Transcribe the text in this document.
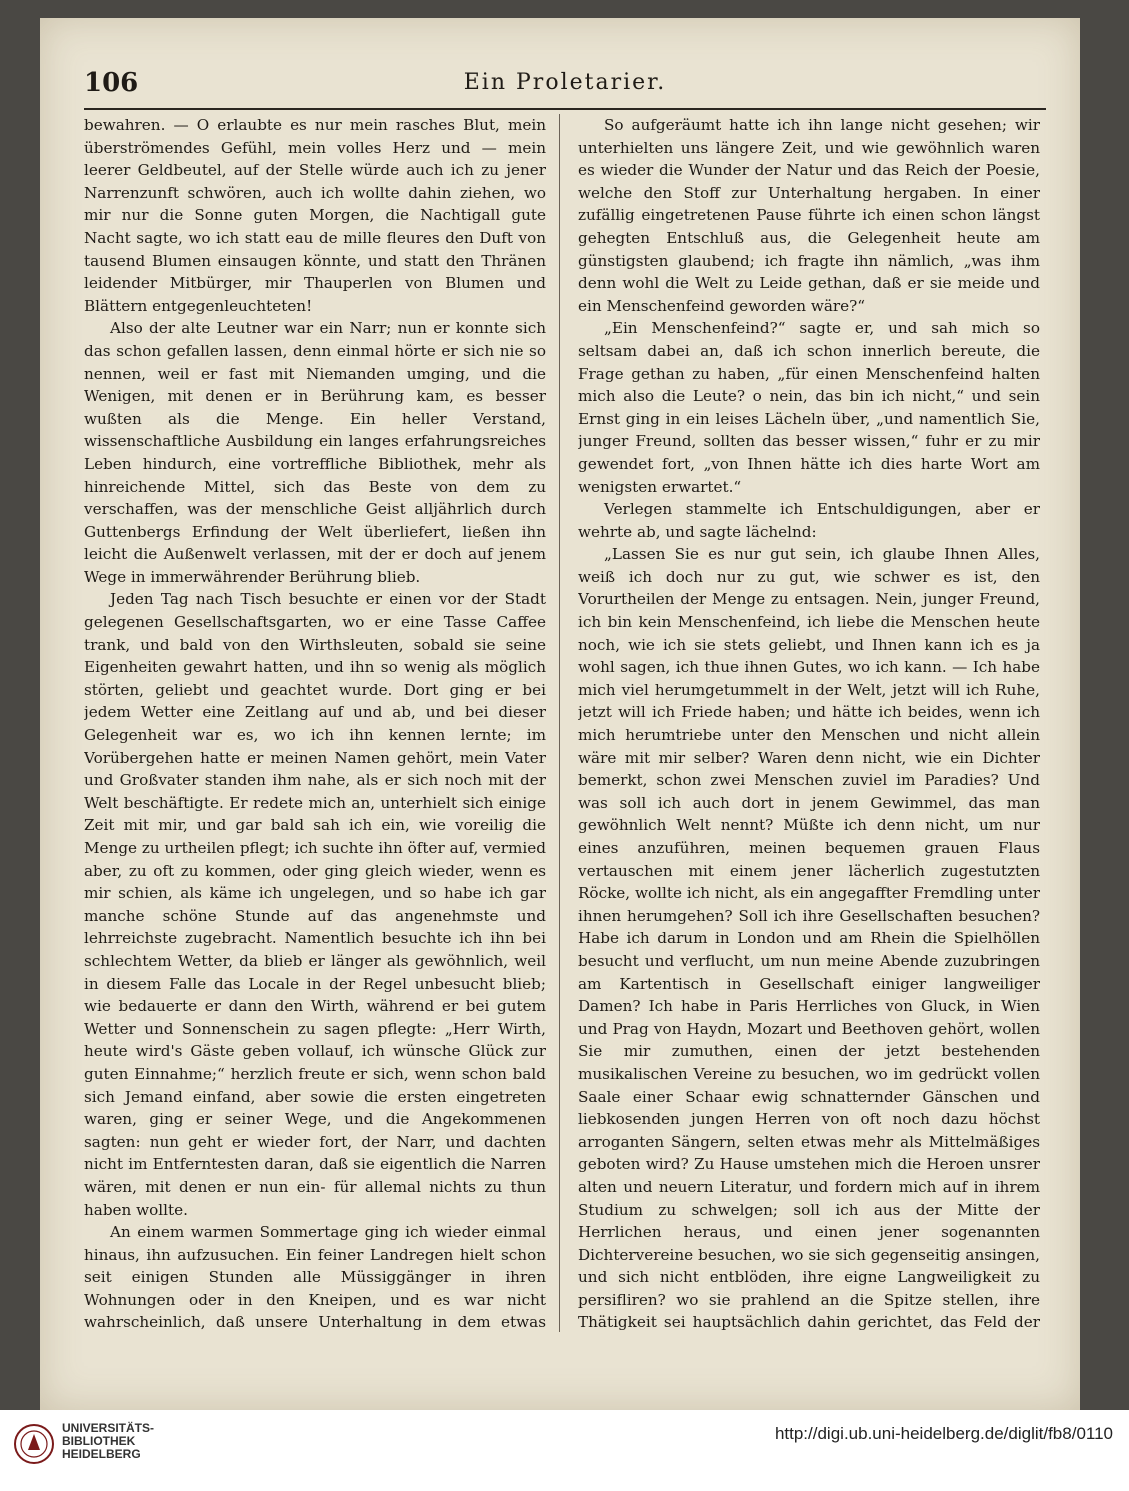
106	Ein Proletarier.

bewahren. — O erlaubte es nur mein rasches Blut, mein überströmendes Gefühl, mein volles Herz und — mein leerer Geldbeutel, auf der Stelle würde auch ich zu jener Narrenzunft schwören, auch ich wollte dahin ziehen, wo mir nur die Sonne guten Morgen, die Nachtigall gute Nacht sagte, wo ich statt eau de mille fleures den Duft von tausend Blumen einsaugen könnte, und statt den Thränen leidender Mitbürger, mir Thauperlen von Blumen und Blättern entgegenleuchteten!

Also der alte Leutner war ein Narr; nun er konnte sich das schon gefallen lassen, denn einmal hörte er sich nie so nennen, weil er fast mit Niemanden umging, und die Wenigen, mit denen er in Berührung kam, es besser wußten als die Menge. Ein heller Verstand, wissenschaftliche Ausbildung ein langes erfahrungsreiches Leben hindurch, eine vortreffliche Bibliothek, mehr als hinreichende Mittel, sich das Beste von dem zu verschaffen, was der menschliche Geist alljährlich durch Guttenbergs Erfindung der Welt überliefert, ließen ihn leicht die Außenwelt verlassen, mit der er doch auf jenem Wege in immerwährender Berührung blieb.

Jeden Tag nach Tisch besuchte er einen vor der Stadt gelegenen Gesellschaftsgarten, wo er eine Tasse Caffee trank, und bald von den Wirthsleuten, sobald sie seine Eigenheiten gewahrt hatten, und ihn so wenig als möglich störten, geliebt und geachtet wurde. Dort ging er bei jedem Wetter eine Zeitlang auf und ab, und bei dieser Gelegenheit war es, wo ich ihn kennen lernte; im Vorübergehen hatte er meinen Namen gehört, mein Vater und Großvater standen ihm nahe, als er sich noch mit der Welt beschäftigte. Er redete mich an, unterhielt sich einige Zeit mit mir, und gar bald sah ich ein, wie voreilig die Menge zu urtheilen pflegt; ich suchte ihn öfter auf, vermied aber, zu oft zu kommen, oder ging gleich wieder, wenn es mir schien, als käme ich ungelegen, und so habe ich gar manche schöne Stunde auf das angenehmste und lehrreichste zugebracht. Namentlich besuchte ich ihn bei schlechtem Wetter, da blieb er länger als gewöhnlich, weil in diesem Falle das Locale in der Regel unbesucht blieb; wie bedauerte er dann den Wirth, während er bei gutem Wetter und Sonnenschein zu sagen pflegte: „Herr Wirth, heute wird's Gäste geben vollauf, ich wünsche Glück zur guten Einnahme;“ herzlich freute er sich, wenn schon bald sich Jemand einfand, aber sowie die ersten eingetreten waren, ging er seiner Wege, und die Angekommenen sagten: nun geht er wieder fort, der Narr, und dachten nicht im Entferntesten daran, daß sie eigentlich die Narren wären, mit denen er nun ein- für allemal nichts zu thun haben wollte.

An einem warmen Sommertage ging ich wieder einmal hinaus, ihn aufzusuchen. Ein feiner Landregen hielt schon seit einigen Stunden alle Müssiggänger in ihren Wohnungen oder in den Kneipen, und es war nicht wahrscheinlich, daß unsere Unterhaltung in dem etwas

So aufgeräumt hatte ich ihn lange nicht gesehen; wir unterhielten uns längere Zeit, und wie gewöhnlich waren es wieder die Wunder der Natur und das Reich der Poesie, welche den Stoff zur Unterhaltung hergaben. In einer zufällig eingetretenen Pause führte ich einen schon längst gehegten Entschluß aus, die Gelegenheit heute am günstigsten glaubend; ich fragte ihn nämlich, „was ihm denn wohl die Welt zu Leide gethan, daß er sie meide und ein Menschenfeind geworden wäre?“

„Ein Menschenfeind?“ sagte er, und sah mich so seltsam dabei an, daß ich schon innerlich bereute, die Frage gethan zu haben, „für einen Menschenfeind halten mich also die Leute? o nein, das bin ich nicht,“ und sein Ernst ging in ein leises Lächeln über, „und namentlich Sie, junger Freund, sollten das besser wissen,“ fuhr er zu mir gewendet fort, „von Ihnen hätte ich dies harte Wort am wenigsten erwartet.“

Verlegen stammelte ich Entschuldigungen, aber er wehrte ab, und sagte lächelnd:

„Lassen Sie es nur gut sein, ich glaube Ihnen Alles, weiß ich doch nur zu gut, wie schwer es ist, den Vorurtheilen der Menge zu entsagen. Nein, junger Freund, ich bin kein Menschenfeind, ich liebe die Menschen heute noch, wie ich sie stets geliebt, und Ihnen kann ich es ja wohl sagen, ich thue ihnen Gutes, wo ich kann. — Ich habe mich viel herumgetummelt in der Welt, jetzt will ich Ruhe, jetzt will ich Friede haben; und hätte ich beides, wenn ich mich herumtriebe unter den Menschen und nicht allein wäre mit mir selber? Waren denn nicht, wie ein Dichter bemerkt, schon zwei Menschen zuviel im Paradies? Und was soll ich auch dort in jenem Gewimmel, das man gewöhnlich Welt nennt? Müßte ich denn nicht, um nur eines anzuführen, meinen bequemen grauen Flaus vertauschen mit einem jener lächerlich zugestutzten Röcke, wollte ich nicht, als ein angegaffter Fremdling unter ihnen herumgehen? Soll ich ihre Gesellschaften besuchen? Habe ich darum in London und am Rhein die Spielhöllen besucht und verflucht, um nun meine Abende zuzubringen am Kartentisch in Gesellschaft einiger langweiliger Damen? Ich habe in Paris Herrliches von Gluck, in Wien und Prag von Haydn, Mozart und Beethoven gehört, wollen Sie mir zumuthen, einen der jetzt bestehenden musikalischen Vereine zu besuchen, wo im gedrückt vollen Saale einer Schaar ewig schnatternder Gänschen und liebkosenden jungen Herren von oft noch dazu höchst arroganten Sängern, selten etwas mehr als Mittelmäßiges geboten wird? Zu Hause umstehen mich die Heroen unsrer alten und neuern Literatur, und fordern mich auf in ihrem Studium zu schwelgen; soll ich aus der Mitte der Herrlichen heraus, und einen jener sogenannten Dichtervereine besuchen, wo sie sich gegenseitig ansingen, und sich nicht entblöden, ihre eigne Langweiligkeit zu persifliren? wo sie prahlend an die Spitze stellen, ihre Thätigkeit sei hauptsächlich dahin gerichtet, das Feld der

UNIVERSITÄTS-
BIBLIOTHEK
HEIDELBERG
http://digi.ub.uni-heidelberg.de/diglit/fb8/0110
